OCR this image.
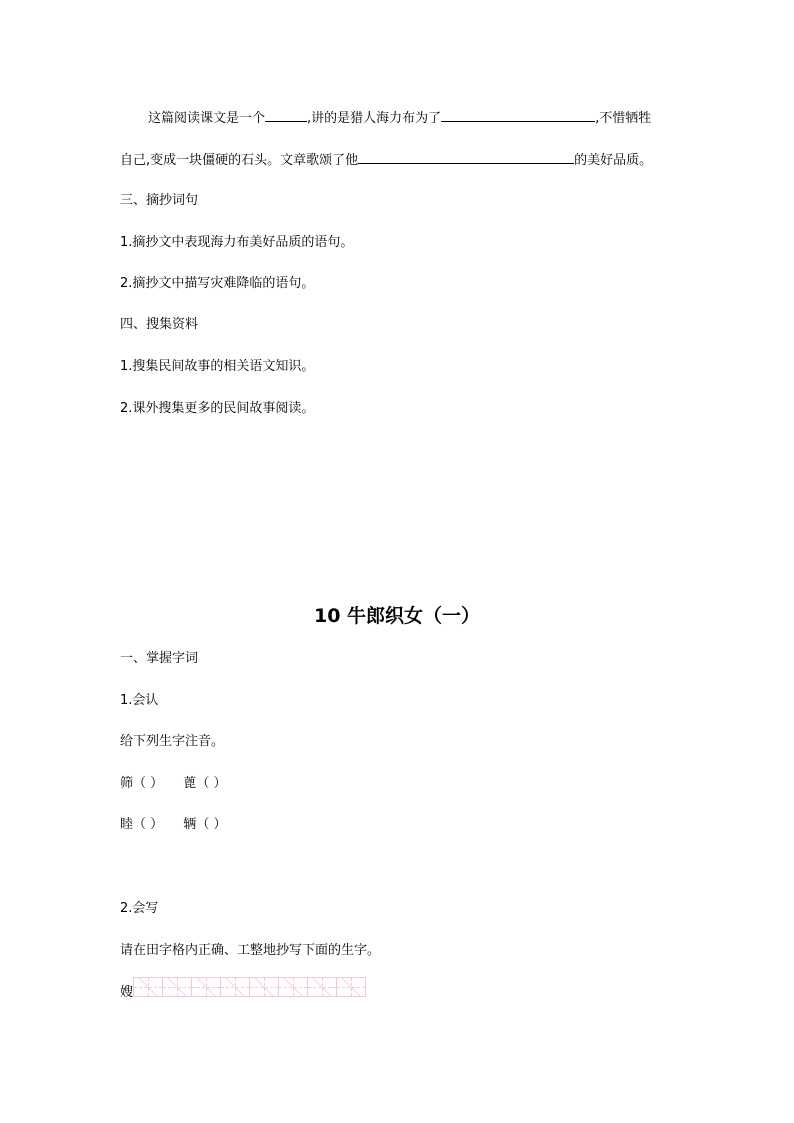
这篇阅读课文是一个	,讲的是猎人海力布为了	,不惜牺牲
自己,变成一块僵硬的石头。文章歌颂了他	的美好品质。
三、摘抄词句
1.摘抄文中表现海力布美好品质的语句。
2.摘抄文中描写灾难降临的语句。
四、搜集资料
1.搜集民间故事的相关语文知识。
2.课外搜集更多的民间故事阅读。
10 牛郎织女（一）
一、掌握字词
1.会认
给下列生字注音。
筛（ ） 蓖（ ）
睦（ ） 辆（ ）
2.会写
请在田字格内正确、工整地抄写下面的生字。
嫂
